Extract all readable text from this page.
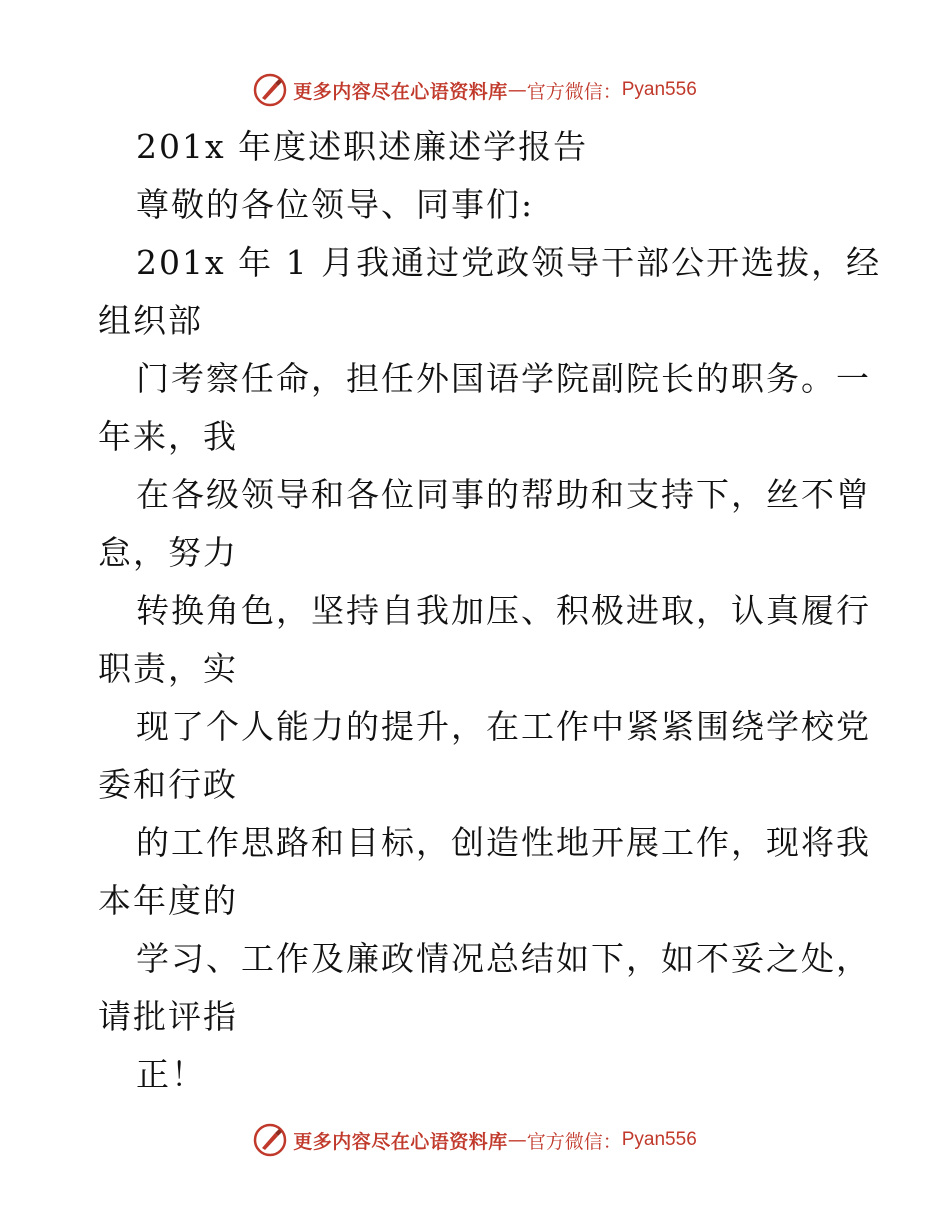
更多内容尽在心语资料库 — 官方微信： Pyan556
201x 年度述职述廉述学报告
尊敬的各位领导、同事们:
201x 年 1 月我通过党政领导干部公开选拔，经
组织部
门考察任命，担任外国语学院副院长的职务。一
年来，我
在各级领导和各位同事的帮助和支持下，丝不曾
怠，努力
转换角色，坚持自我加压、积极进取，认真履行
职责，实
现了个人能力的提升，在工作中紧紧围绕学校党
委和行政
的工作思路和目标，创造性地开展工作，现将我
本年度的
学习、工作及廉政情况总结如下，如不妥之处，
请批评指
正！
更多内容尽在心语资料库 — 官方微信： Pyan556
